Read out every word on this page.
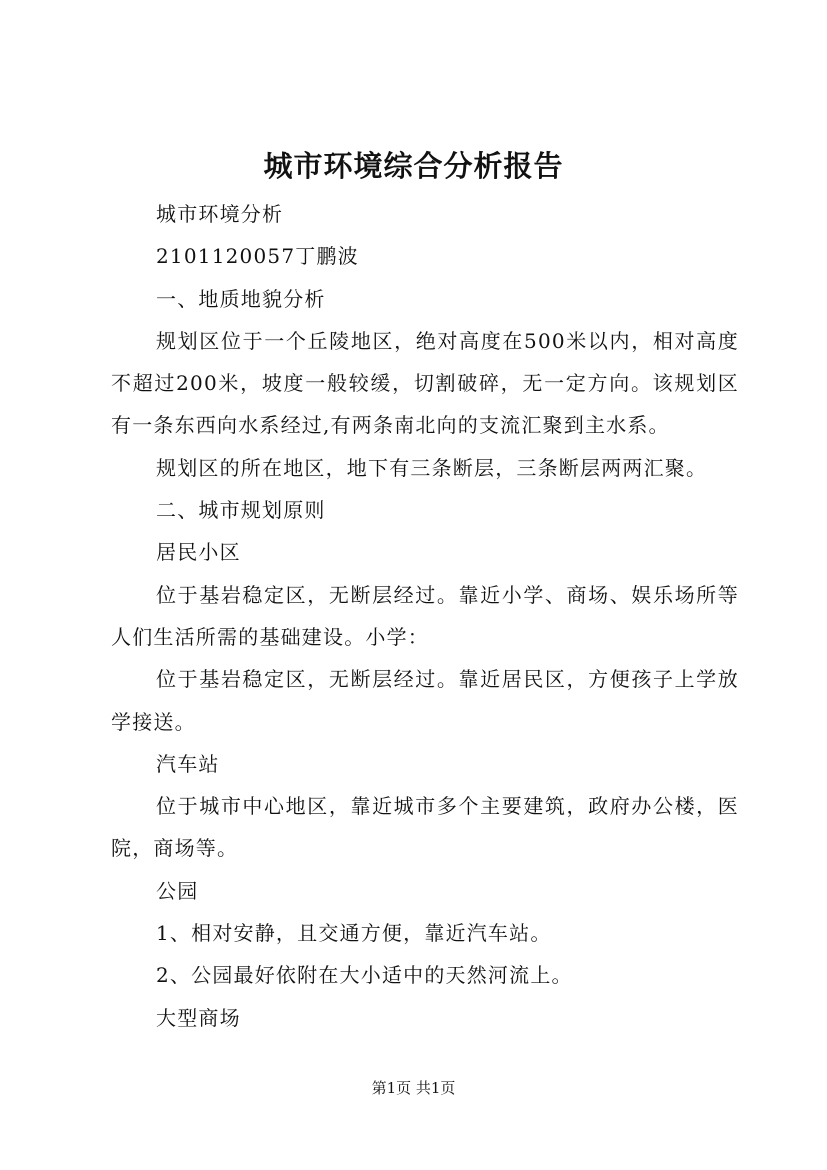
城市环境综合分析报告

城市环境分析

2101120057丁鹏波

一、地质地貌分析

规划区位于一个丘陵地区，绝对高度在500米以内，相对高度不超过200米，坡度一般较缓，切割破碎，无一定方向。该规划区有一条东西向水系经过,有两条南北向的支流汇聚到主水系。

规划区的所在地区，地下有三条断层，三条断层两两汇聚。

二、城市规划原则

居民小区

位于基岩稳定区，无断层经过。靠近小学、商场、娱乐场所等人们生活所需的基础建设。小学：

位于基岩稳定区，无断层经过。靠近居民区，方便孩子上学放学接送。

汽车站

位于城市中心地区，靠近城市多个主要建筑，政府办公楼，医院，商场等。

公园

1、相对安静，且交通方便，靠近汽车站。

2、公园最好依附在大小适中的天然河流上。

大型商场

第1页 共1页
